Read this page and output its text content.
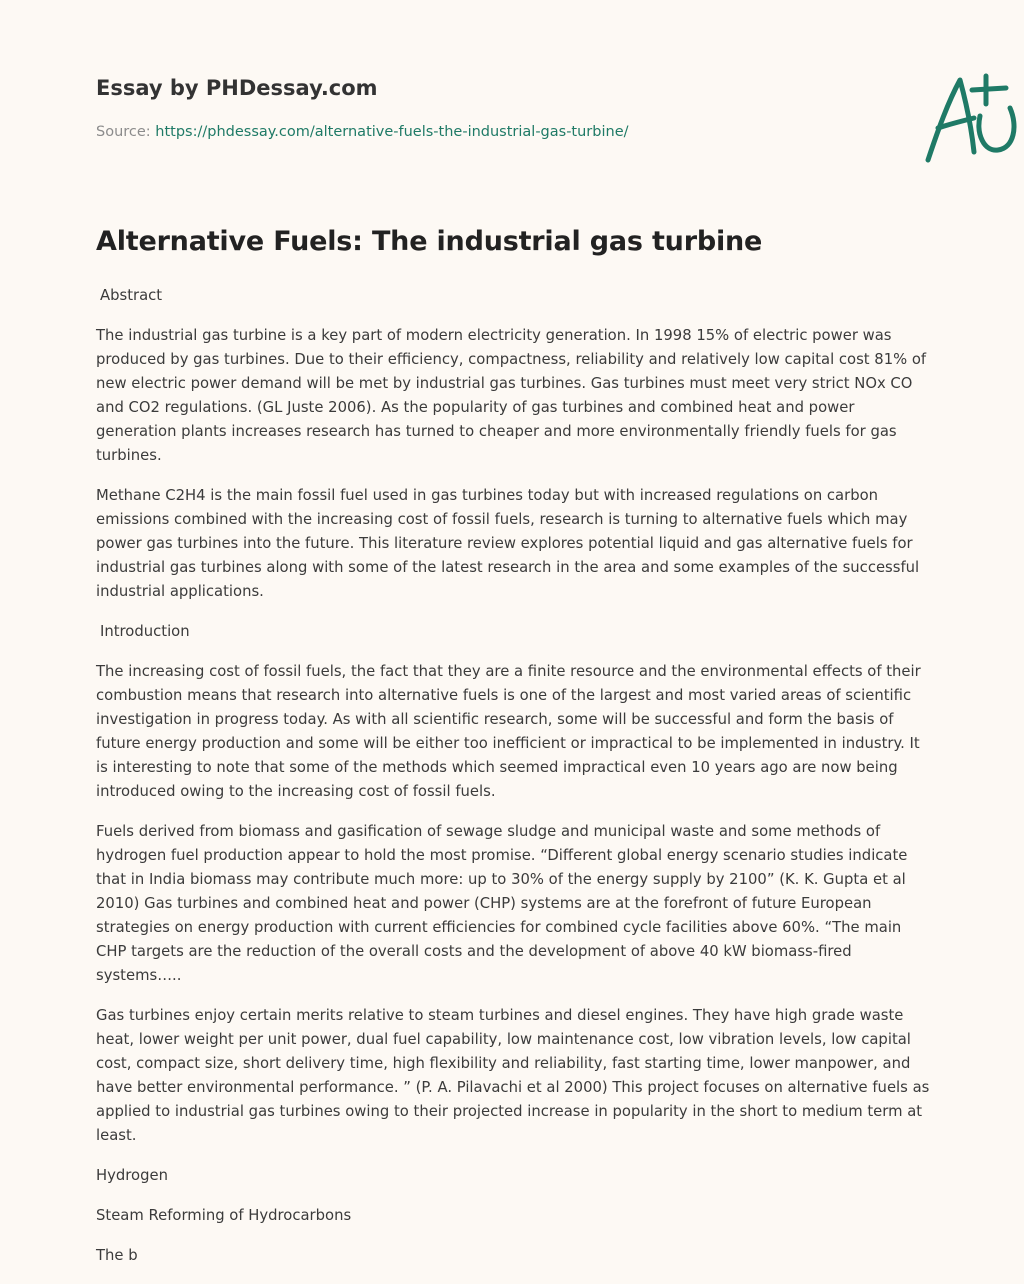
Essay by PHDessay.com
Source: https://phdessay.com/alternative-fuels-the-industrial-gas-turbine/
Alternative Fuels: The industrial gas turbine

Abstract

The industrial gas turbine is a key part of modern electricity generation. In 1998 15% of electric power was produced by gas turbines. Due to their efficiency, compactness, reliability and relatively low capital cost 81% of new electric power demand will be met by industrial gas turbines. Gas turbines must meet very strict NOx CO and CO2 regulations. (GL Juste 2006). As the popularity of gas turbines and combined heat and power generation plants increases research has turned to cheaper and more environmentally friendly fuels for gas turbines.

Methane C2H4 is the main fossil fuel used in gas turbines today but with increased regulations on carbon emissions combined with the increasing cost of fossil fuels, research is turning to alternative fuels which may power gas turbines into the future. This literature review explores potential liquid and gas alternative fuels for industrial gas turbines along with some of the latest research in the area and some examples of the successful industrial applications.

Introduction

The increasing cost of fossil fuels, the fact that they are a finite resource and the environmental effects of their combustion means that research into alternative fuels is one of the largest and most varied areas of scientific investigation in progress today. As with all scientific research, some will be successful and form the basis of future energy production and some will be either too inefficient or impractical to be implemented in industry. It is interesting to note that some of the methods which seemed impractical even 10 years ago are now being introduced owing to the increasing cost of fossil fuels.

Fuels derived from biomass and gasification of sewage sludge and municipal waste and some methods of hydrogen fuel production appear to hold the most promise. “Different global energy scenario studies indicate that in India biomass may contribute much more: up to 30% of the energy supply by 2100” (K. K. Gupta et al 2010) Gas turbines and combined heat and power (CHP) systems are at the forefront of future European strategies on energy production with current efficiencies for combined cycle facilities above 60%. “The main CHP targets are the reduction of the overall costs and the development of above 40 kW biomass-fired systems…..

Gas turbines enjoy certain merits relative to steam turbines and diesel engines. They have high grade waste heat, lower weight per unit power, dual fuel capability, low maintenance cost, low vibration levels, low capital cost, compact size, short delivery time, high flexibility and reliability, fast starting time, lower manpower, and have better environmental performance. ” (P. A. Pilavachi et al 2000) This project focuses on alternative fuels as applied to industrial gas turbines owing to their projected increase in popularity in the short to medium term at least.

Hydrogen

Steam Reforming of Hydrocarbons

The b
